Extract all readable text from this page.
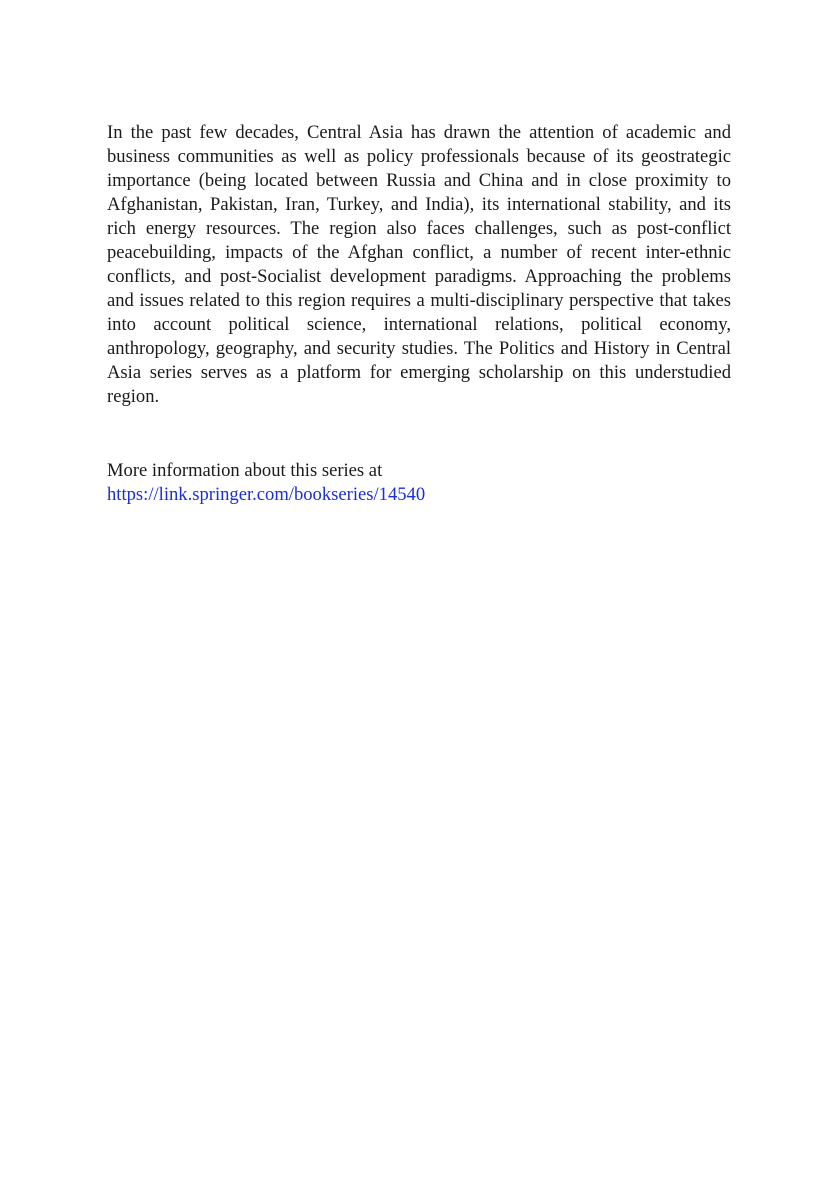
In the past few decades, Central Asia has drawn the attention of academic and business communities as well as policy professionals because of its geostrategic importance (being located between Russia and China and in close proximity to Afghanistan, Pakistan, Iran, Turkey, and India), its international stability, and its rich energy resources. The region also faces challenges, such as post-conflict peacebuilding, impacts of the Afghan conflict, a number of recent inter-ethnic conflicts, and post-Socialist development paradigms. Approaching the problems and issues related to this region requires a multi-disciplinary perspective that takes into account political science, international relations, political economy, anthropology, geography, and security studies. The Politics and History in Central Asia series serves as a platform for emerging scholarship on this understudied region.

More information about this series at
https://link.springer.com/bookseries/14540
